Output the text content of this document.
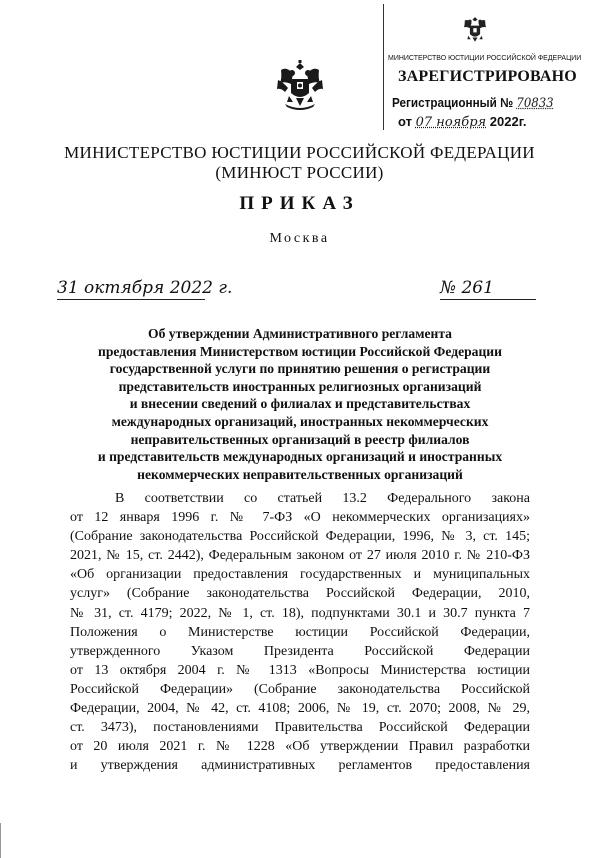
МИНИСТЕРСТВО ЮСТИЦИИ РОССИЙСКОЙ ФЕДЕРАЦИИ
ЗАРЕГИСТРИРОВАНО
Регистрационный № 70833
от 07 ноября 2022г.
МИНИСТЕРСТВО ЮСТИЦИИ РОССИЙСКОЙ ФЕДЕРАЦИИ
(МИНЮСТ РОССИИ)
ПРИКАЗ
Москва
31 октября 2022 г.	№ 261
Об утверждении Административного регламента
предоставления Министерством юстиции Российской Федерации
государственной услуги по принятию решения о регистрации
представительств иностранных религиозных организаций
и внесении сведений о филиалах и представительствах
международных организаций, иностранных некоммерческих
неправительственных организаций в реестр филиалов
и представительств международных организаций и иностранных
некоммерческих неправительственных организаций
В соответствии со статьей 13.2 Федерального закона
от 12 января 1996 г. № 7-ФЗ «О некоммерческих организациях»
(Собрание законодательства Российской Федерации, 1996, № 3, ст. 145;
2021, № 15, ст. 2442), Федеральным законом от 27 июля 2010 г. № 210-ФЗ
«Об организации предоставления государственных и муниципальных
услуг» (Собрание законодательства Российской Федерации, 2010,
№ 31, ст. 4179; 2022, № 1, ст. 18), подпунктами 30.1 и 30.7 пункта 7
Положения о Министерстве юстиции Российской Федерации,
утвержденного Указом Президента Российской Федерации
от 13 октября 2004 г. № 1313 «Вопросы Министерства юстиции
Российской Федерации» (Собрание законодательства Российской
Федерации, 2004, № 42, ст. 4108; 2006, № 19, ст. 2070; 2008, № 29,
ст. 3473), постановлениями Правительства Российской Федерации
от 20 июля 2021 г. № 1228 «Об утверждении Правил разработки
и утверждения административных регламентов предоставления
